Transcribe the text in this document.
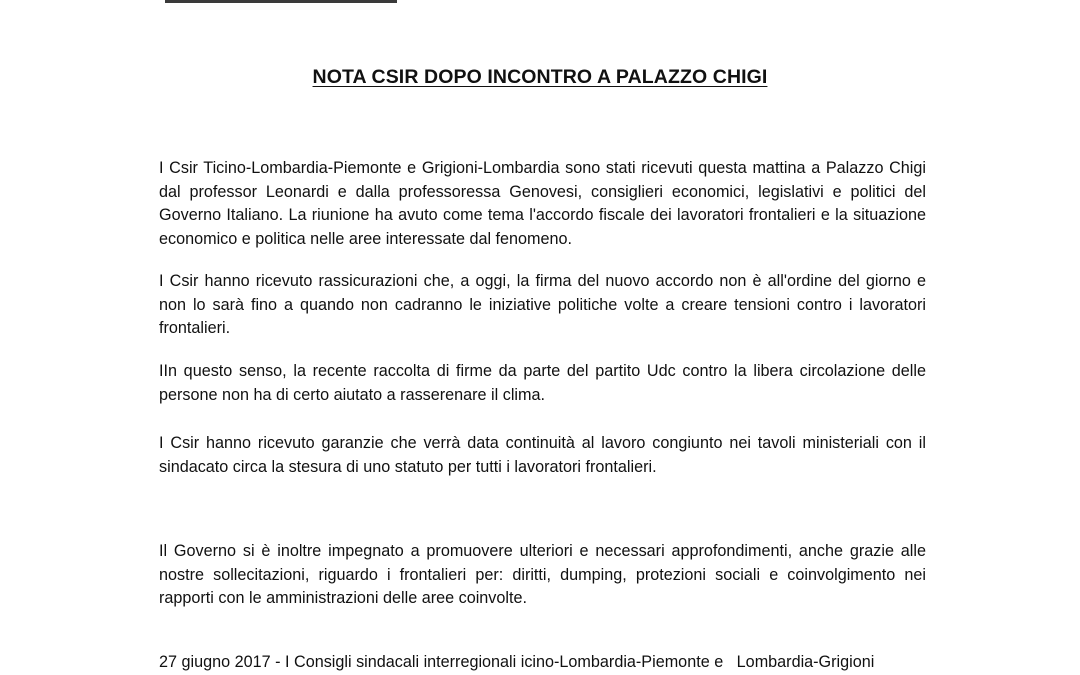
NOTA CSIR DOPO INCONTRO A PALAZZO CHIGI

I Csir Ticino-Lombardia-Piemonte e Grigioni-Lombardia sono stati ricevuti questa mattina a Palazzo Chigi dal professor Leonardi e dalla professoressa Genovesi, consiglieri economici, legislativi e politici del Governo Italiano. La riunione ha avuto come tema l'accordo fiscale dei lavoratori frontalieri e la situazione economico e politica nelle aree interessate dal fenomeno.

I Csir hanno ricevuto rassicurazioni che, a oggi, la firma del nuovo accordo non è all'ordine del giorno e non lo sarà fino a quando non cadranno le iniziative politiche volte a creare tensioni contro i lavoratori frontalieri.

IIn questo senso, la recente raccolta di firme da parte del partito Udc contro la libera circolazione delle persone non ha di certo aiutato a rasserenare il clima.

I Csir hanno ricevuto garanzie che verrà data continuità al lavoro congiunto nei tavoli ministeriali con il sindacato circa la stesura di uno statuto per tutti i lavoratori frontalieri.

Il Governo si è inoltre impegnato a promuovere ulteriori e necessari approfondimenti, anche grazie alle nostre sollecitazioni, riguardo i frontalieri per: diritti, dumping, protezioni sociali e coinvolgimento nei rapporti con le amministrazioni delle aree coinvolte.

27 giugno 2017 - I Consigli sindacali interregionali icino-Lombardia-Piemonte e   Lombardia-Grigioni
